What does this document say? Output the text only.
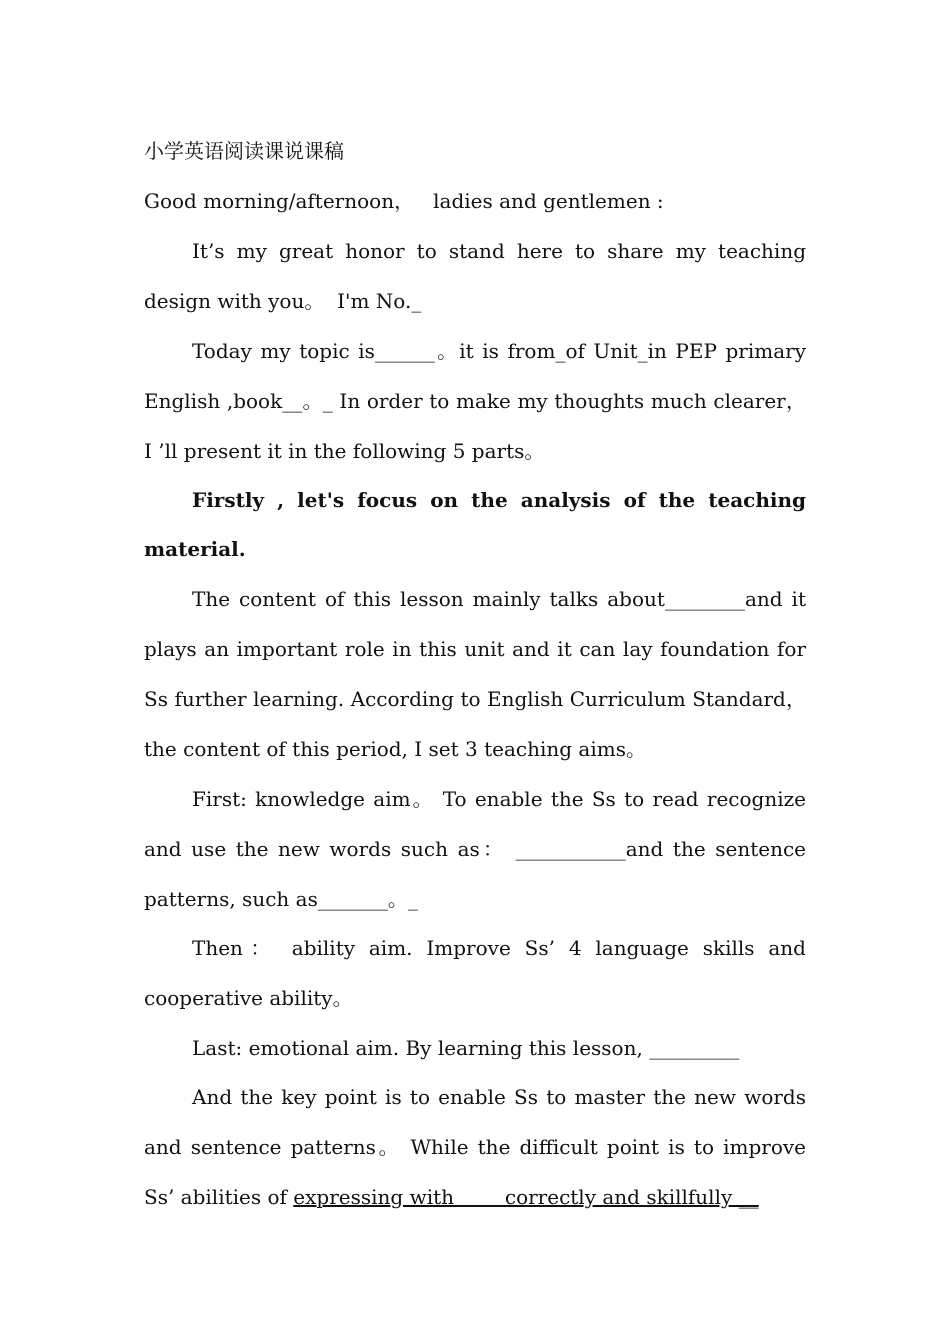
小学英语阅读课说课稿
Good morning/afternoon，   ladies and gentlemen :
It’s my great honor to stand here to share my teaching
design with you。  I'm No._
Today my topic is______。it is from_of Unit_in PEP primary
English ,book__。_ In order to make my thoughts much clearer，
I ’ll present it in the following 5 parts。
Firstly , let's focus on the analysis of the teaching
material.
The content of this lesson mainly talks about________and it
plays an important role in this unit and it can lay foundation for
Ss further learning. According to English Curriculum Standard，
the content of this period, I set 3 teaching aims。
First: knowledge aim。 To enable the Ss to read recognize
and use the new words such as： ___________and the sentence
patterns, such as_______。_
Then： ability aim. Improve Ss’ 4 language skills and
cooperative ability。
Last: emotional aim. By learning this lesson, _________
And the key point is to enable Ss to master the new words
and sentence patterns。 While the difficult point is to improve
Ss’ abilities of expressing with        correctly and skillfully __
